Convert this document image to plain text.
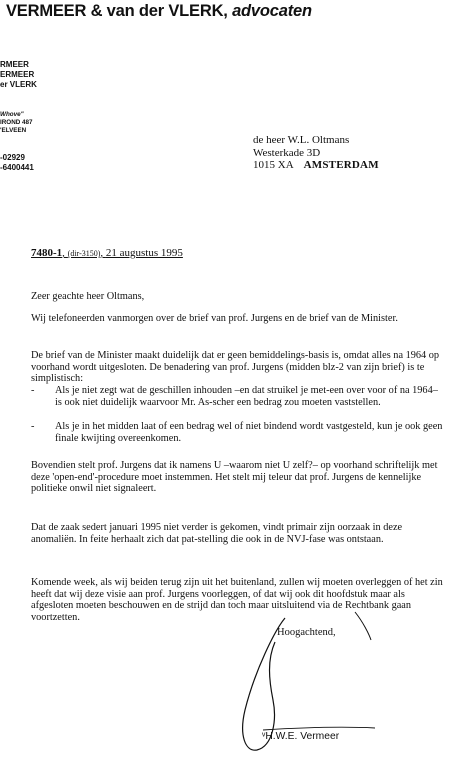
VERMEER & van der VLERK, advocaten
RMEER
ERMEER
er VLERK
Whove"
IROND 487
'ELVEEN
-02929
-6400441
de heer W.L. Oltmans
Westerkade 3D
1015 XA AMSTERDAM
7480-1, (dir-3150), 21 augustus 1995

Zeer geachte heer Oltmans,

Wij telefoneerden vanmorgen over de brief van prof. Jurgens en de brief van de Minister.

De brief van de Minister maakt duidelijk dat er geen bemiddelings-basis is, omdat alles na 1964 op voorhand wordt uitgesloten. De benadering van prof. Jurgens (midden blz-2 van zijn brief) is te simplistisch:

- Als je niet zegt wat de geschillen inhouden –en dat struikel je met-een over voor of na 1964– is ook niet duidelijk waarvoor Mr. As-scher een bedrag zou moeten vaststellen.
- Als je in het midden laat of een bedrag wel of niet bindend wordt vastgesteld, kun je ook geen finale kwijting overeenkomen.

Bovendien stelt prof. Jurgens dat ik namens U –waarom niet U zelf?– op voorhand schriftelijk met deze 'open-end'-procedure moet instemmen. Het stelt mij teleur dat prof. Jurgens de kennelijke politieke onwil niet signaleert.

Dat de zaak sedert januari 1995 niet verder is gekomen, vindt primair zijn oorzaak in deze anomaliën. In feite herhaalt zich dat pat-stelling die ook in de NVJ-fase was ontstaan.

Komende week, als wij beiden terug zijn uit het buitenland, zullen wij moeten overleggen of het zin heeft dat wij deze visie aan prof. Jurgens voorleggen, of dat wij ook dit hoofdstuk maar als afgesloten moeten beschouwen en de strijd dan toch maar uitsluitend via de Rechtbank gaan voortzetten.

Hoogachtend,
ᵛH.W.E. Vermeer
